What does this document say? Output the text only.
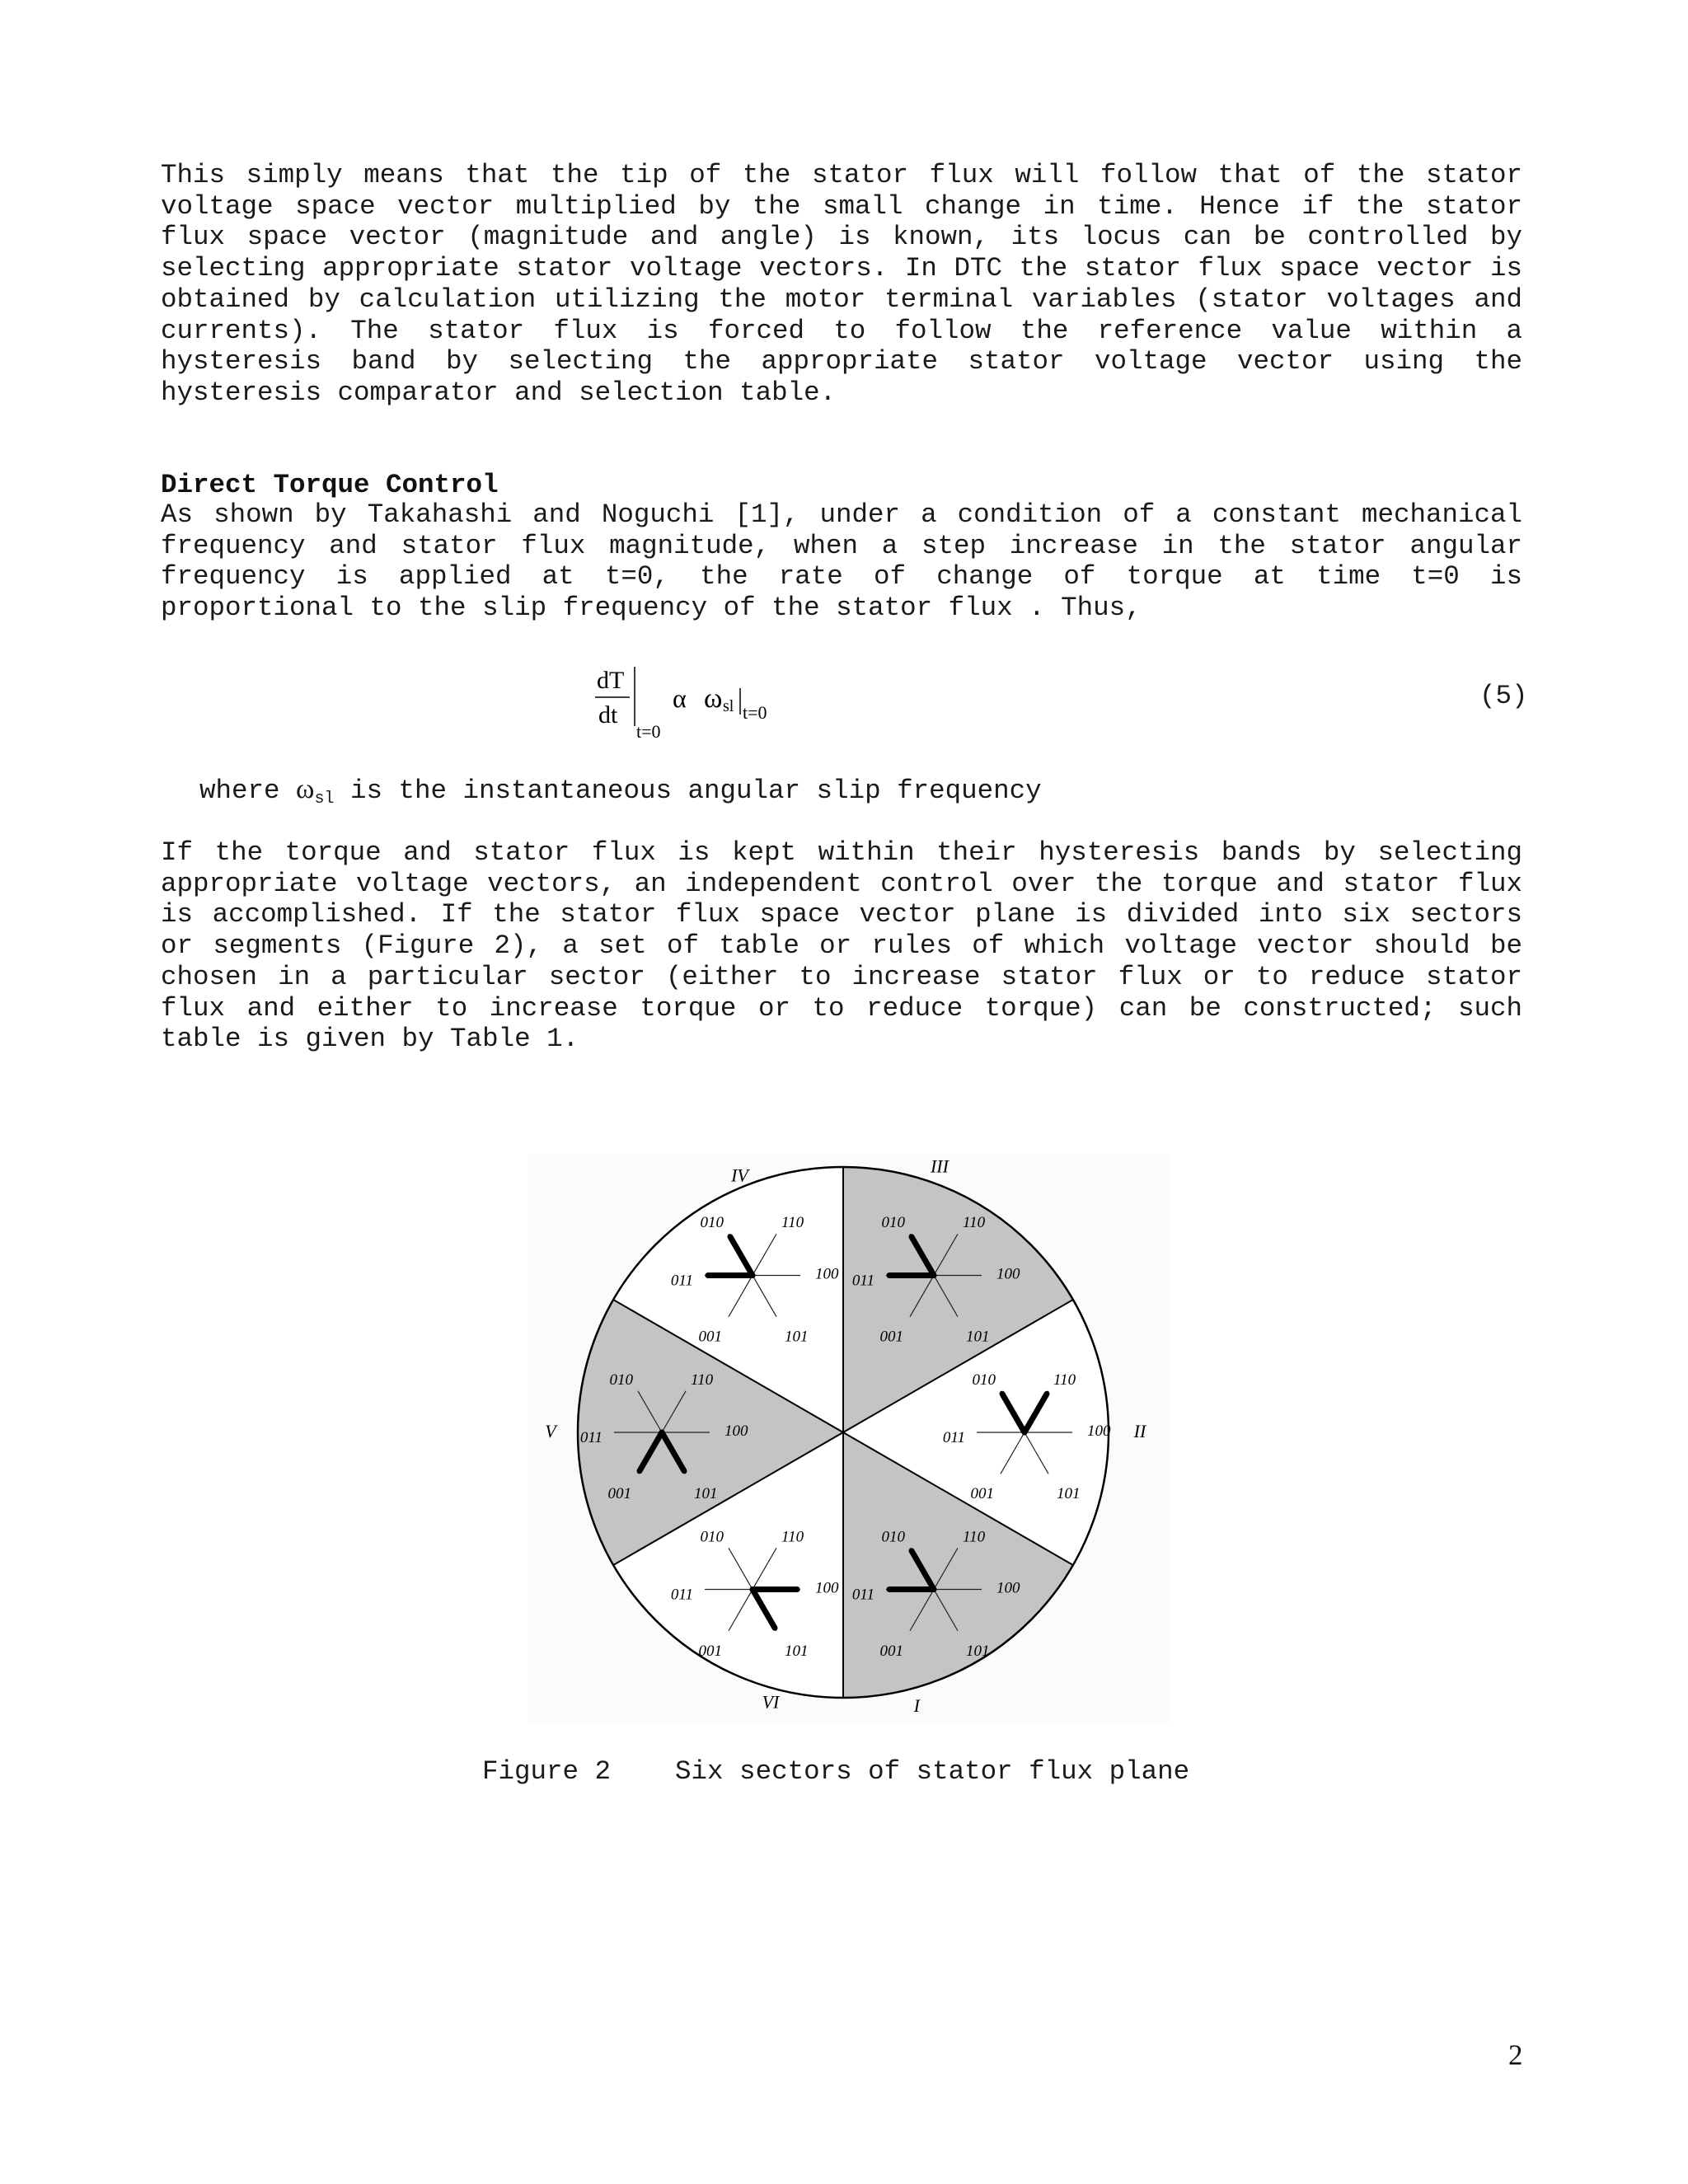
This simply means that the tip of the stator flux will follow that of the stator voltage space vector multiplied by the small change in time. Hence if the stator flux space vector (magnitude and angle) is known, its locus can be controlled by selecting appropriate stator voltage vectors. In DTC the stator flux space vector is obtained by calculation utilizing the motor terminal variables (stator voltages and currents). The stator flux is forced to follow the reference value within a hysteresis band by selecting the appropriate stator voltage vector using the hysteresis comparator and selection table.

Direct Torque Control

As shown by Takahashi and Noguchi [1], under a condition of a constant mechanical frequency and stator flux magnitude, when a step increase in the stator angular frequency is applied at t=0, the rate of change of torque at time t=0 is proportional to the slip frequency of the stator flux . Thus,

dT
dt
t=0
α ω sl t=0
(5)
where ωsl is the instantaneous angular slip frequency

If the torque and stator flux is kept within their hysteresis bands by selecting appropriate voltage vectors, an independent control over the torque and stator flux is accomplished. If the stator flux space vector plane is divided into six sectors or segments (Figure 2), a set of table or rules of which voltage vector should be chosen in a particular sector (either to increase stator flux or to reduce stator flux and either to increase torque or to reduce torque) can be constructed; such table is given by Table 1.

I
II
III
IV
V
VI
100
110
010
011
001	101
100
110
010
011
001	101
100
110
010
011
001	101
100
110
010
011
001	101
100
110
010
011
001	101
100
110
010
011
001	101
Figure 2 Six sectors of stator flux plane
2
